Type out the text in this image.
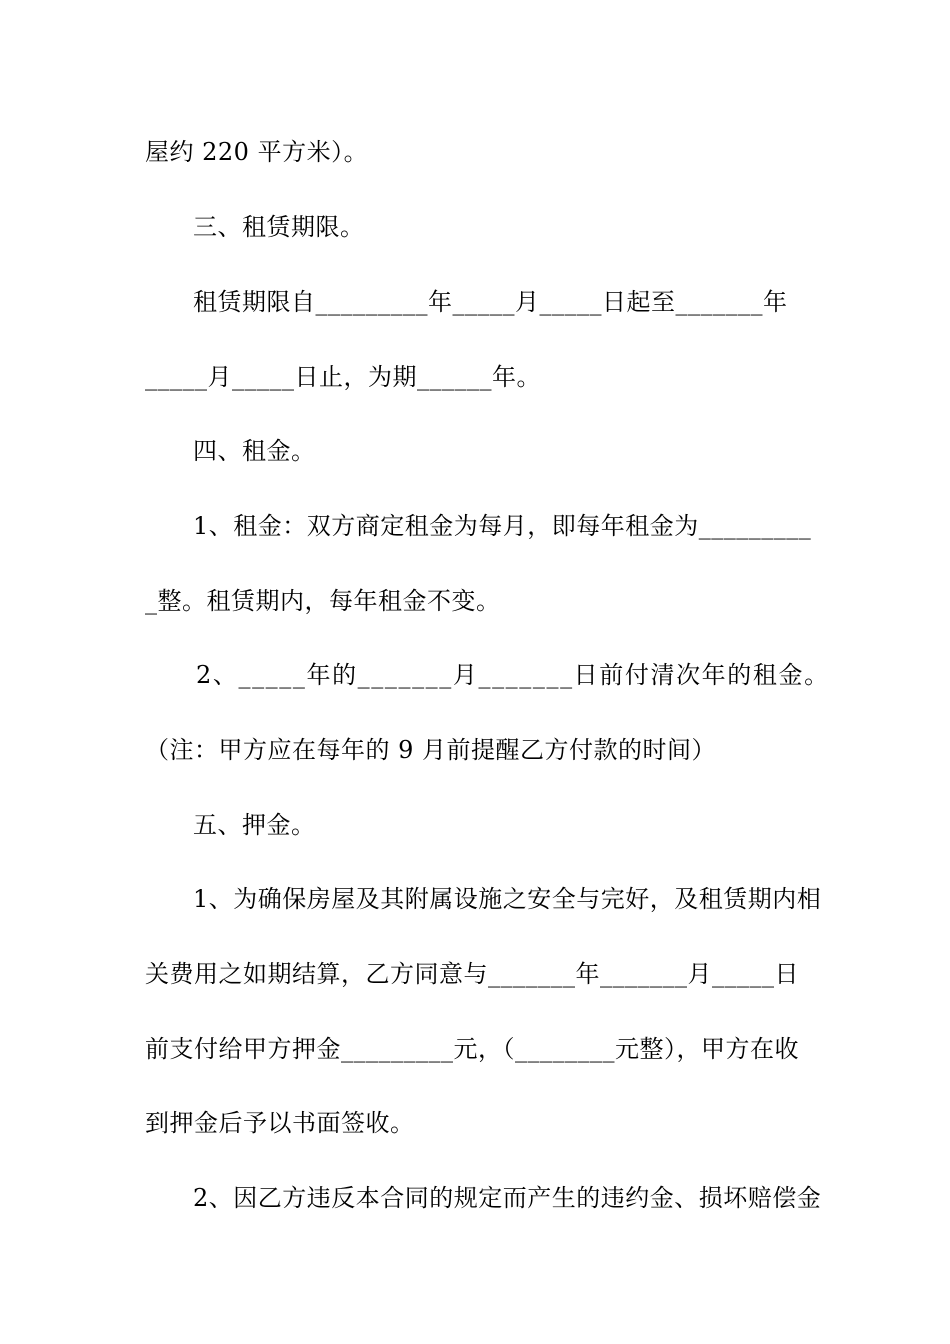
屋约 220 平方米）。
三、租赁期限。
租赁期限自_________年_____月_____日起至_______年
_____月_____日止，为期______年。
四、租金。
1、租金：双方商定租金为每月，即每年租金为_________
_整。租赁期内，每年租金不变。
2、_____年的_______月_______日前付清次年的租金。
（注：甲方应在每年的 9 月前提醒乙方付款的时间）
五、押金。
1、为确保房屋及其附属设施之安全与完好，及租赁期内相
关费用之如期结算，乙方同意与_______年_______月_____日
前支付给甲方押金_________元，（________元整），甲方在收
到押金后予以书面签收。
2、因乙方违反本合同的规定而产生的违约金、损坏赔偿金
